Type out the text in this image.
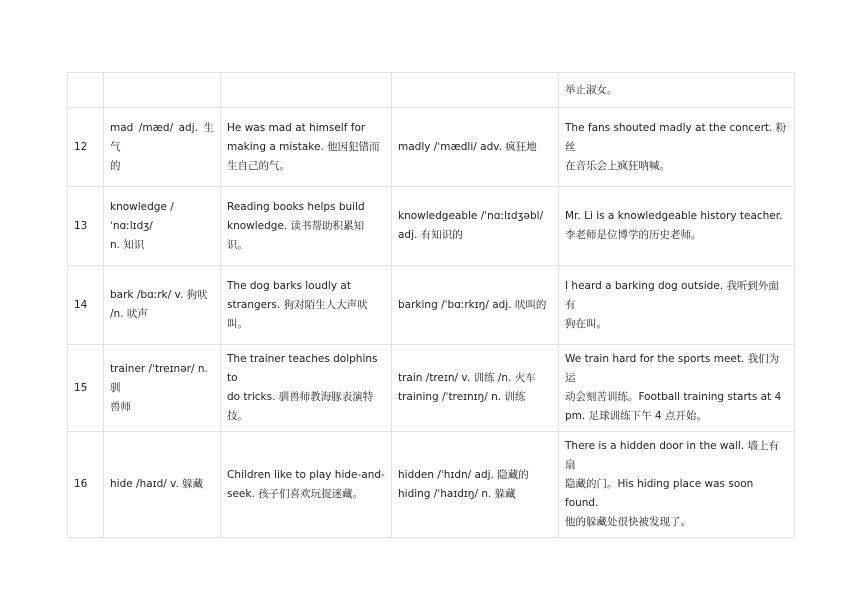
				举止淑女。

12	mad /mæd/ adj. 生气
的	He was mad at himself for
making a mistake. 他因犯错而
生自己的气。	madly /ˈmædli/ adv. 疯狂地	The fans shouted madly at the concert. 粉丝
在音乐会上疯狂呐喊。

13	knowledge /ˈnɑːlɪdʒ/
n. 知识	Reading books helps build
knowledge. 读书帮助积累知
识。	knowledgeable /ˈnɑːlɪdʒəbl/
adj. 有知识的	Mr. Li is a knowledgeable history teacher.
李老师是位博学的历史老师。

14	bark /bɑːrk/ v. 狗吠
/n. 吠声	The dog barks loudly at
strangers. 狗对陌生人大声吠
叫。	barking /ˈbɑːrkɪŋ/ adj. 吠叫的	I heard a barking dog outside. 我听到外面有
狗在叫。

15	trainer /ˈtreɪnər/ n. 驯
兽师	The trainer teaches dolphins to
do tricks. 驯兽师教海豚表演特
技。	train /treɪn/ v. 训练 /n. 火车
training /ˈtreɪnɪŋ/ n. 训练	We train hard for the sports meet. 我们为运
动会刻苦训练。Football training starts at 4
pm. 足球训练下午 4 点开始。

16	hide /haɪd/ v. 躲藏	Children like to play hide-and-
seek. 孩子们喜欢玩捉迷藏。	hidden /ˈhɪdn/ adj. 隐藏的
hiding /ˈhaɪdɪŋ/ n. 躲藏	There is a hidden door in the wall. 墙上有扇
隐藏的门。His hiding place was soon found.
他的躲藏处很快被发现了。
